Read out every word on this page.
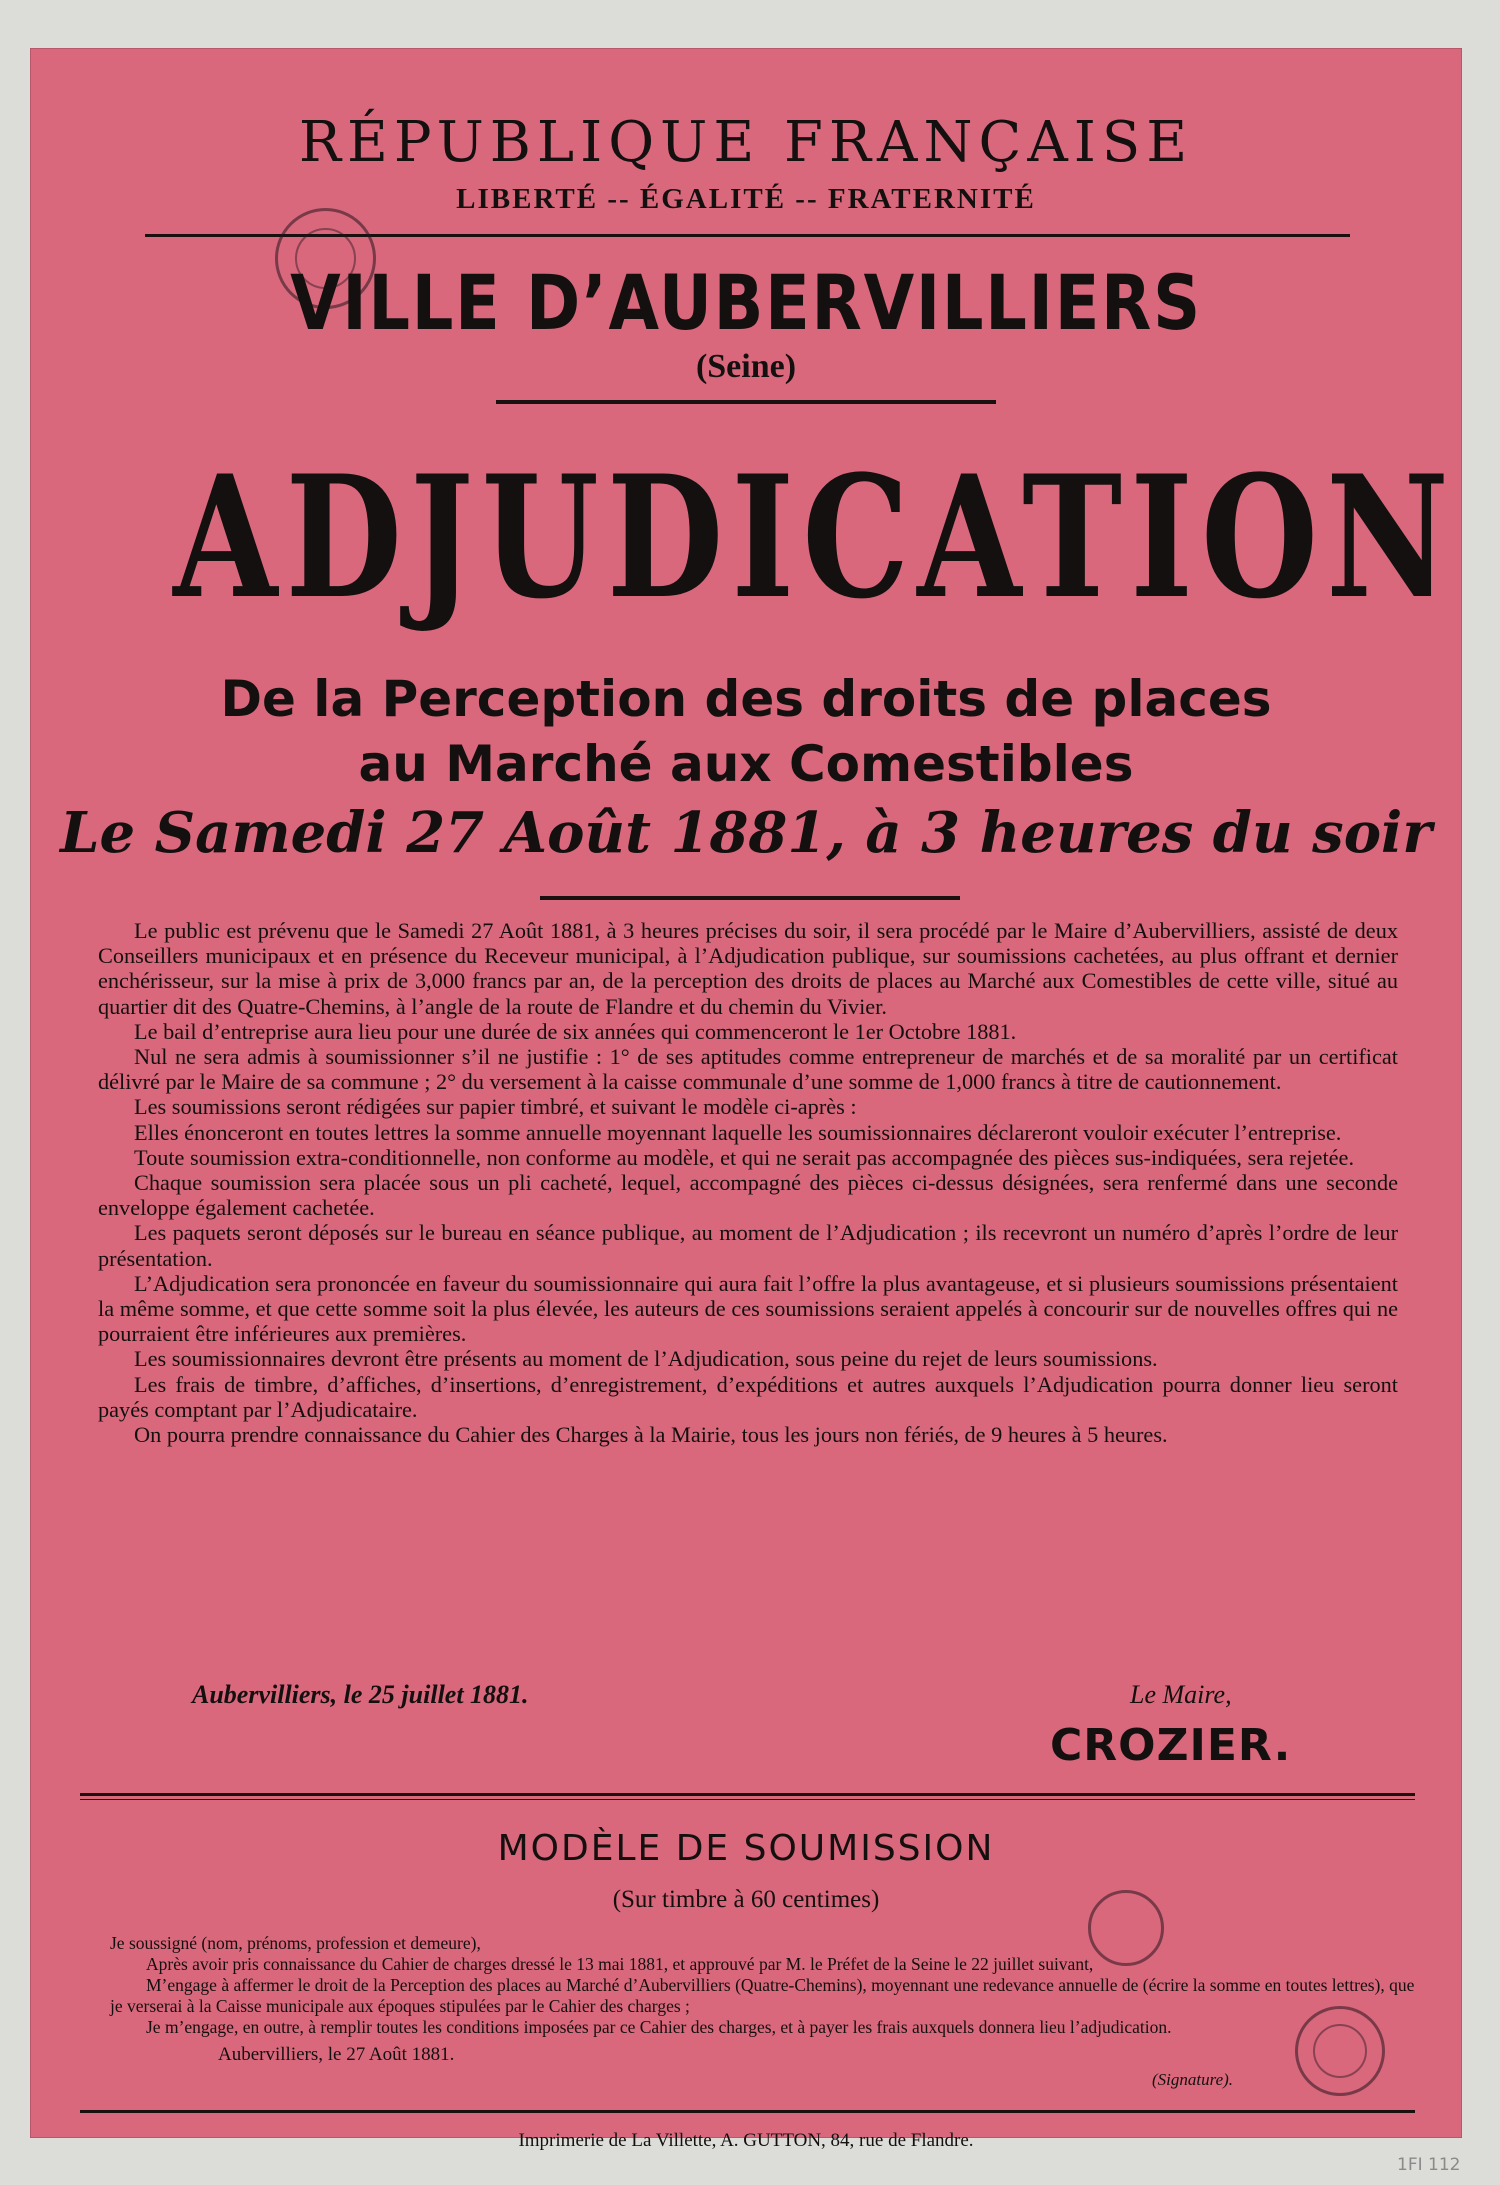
RÉPUBLIQUE FRANÇAISE
LIBERTÉ -- ÉGALITÉ -- FRATERNITÉ
VILLE D’AUBERVILLIERS
(Seine)
ADJUDICATION
De la Perception des droits de places
au Marché aux Comestibles
Le Samedi 27 Août 1881, à 3 heures du soir

Le public est prévenu que le Samedi 27 Août 1881, à 3 heures précises du soir, il sera procédé par le Maire d’Aubervilliers, assisté de deux Conseillers municipaux et en présence du Receveur municipal, à l’Adjudication publique, sur soumissions cachetées, au plus offrant et dernier enchérisseur, sur la mise à prix de 3,000 francs par an, de la perception des droits de places au Marché aux Comestibles de cette ville, situé au quartier dit des Quatre-Chemins, à l’angle de la route de Flandre et du chemin du Vivier.

Le bail d’entreprise aura lieu pour une durée de six années qui commenceront le 1er Octobre 1881.

Nul ne sera admis à soumissionner s’il ne justifie : 1° de ses aptitudes comme entrepreneur de marchés et de sa moralité par un certificat délivré par le Maire de sa commune ; 2° du versement à la caisse communale d’une somme de 1,000 francs à titre de cautionnement.

Les soumissions seront rédigées sur papier timbré, et suivant le modèle ci-après :

Elles énonceront en toutes lettres la somme annuelle moyennant laquelle les soumissionnaires déclareront vouloir exécuter l’entreprise.

Toute soumission extra-conditionnelle, non conforme au modèle, et qui ne serait pas accompagnée des pièces sus-indiquées, sera rejetée.

Chaque soumission sera placée sous un pli cacheté, lequel, accompagné des pièces ci-dessus désignées, sera renfermé dans une seconde enveloppe également cachetée.

Les paquets seront déposés sur le bureau en séance publique, au moment de l’Adjudication ; ils recevront un numéro d’après l’ordre de leur présentation.

L’Adjudication sera prononcée en faveur du soumissionnaire qui aura fait l’offre la plus avantageuse, et si plusieurs soumissions présentaient la même somme, et que cette somme soit la plus élevée, les auteurs de ces soumissions seraient appelés à concourir sur de nouvelles offres qui ne pourraient être inférieures aux premières.

Les soumissionnaires devront être présents au moment de l’Adjudication, sous peine du rejet de leurs soumissions.

Les frais de timbre, d’affiches, d’insertions, d’enregistrement, d’expéditions et autres auxquels l’Adjudication pourra donner lieu seront payés comptant par l’Adjudicataire.

On pourra prendre connaissance du Cahier des Charges à la Mairie, tous les jours non fériés, de 9 heures à 5 heures.

Aubervilliers, le 25 juillet 1881.	Le Maire,
CROZIER.
MODÈLE DE SOUMISSION
(Sur timbre à 60 centimes)

Je soussigné (nom, prénoms, profession et demeure),

Après avoir pris connaissance du Cahier de charges dressé le 13 mai 1881, et approuvé par M. le Préfet de la Seine le 22 juillet suivant,

M’engage à affermer le droit de la Perception des places au Marché d’Aubervilliers (Quatre-Chemins), moyennant une redevance annuelle de (écrire la somme en toutes lettres), que je verserai à la Caisse municipale aux époques stipulées par le Cahier des charges ;

Je m’engage, en outre, à remplir toutes les conditions imposées par ce Cahier des charges, et à payer les frais auxquels donnera lieu l’adjudication.

Aubervilliers, le 27 Août 1881.
(Signature).
Imprimerie de La Villette, A. GUTTON, 84, rue de Flandre.
1FI 112
